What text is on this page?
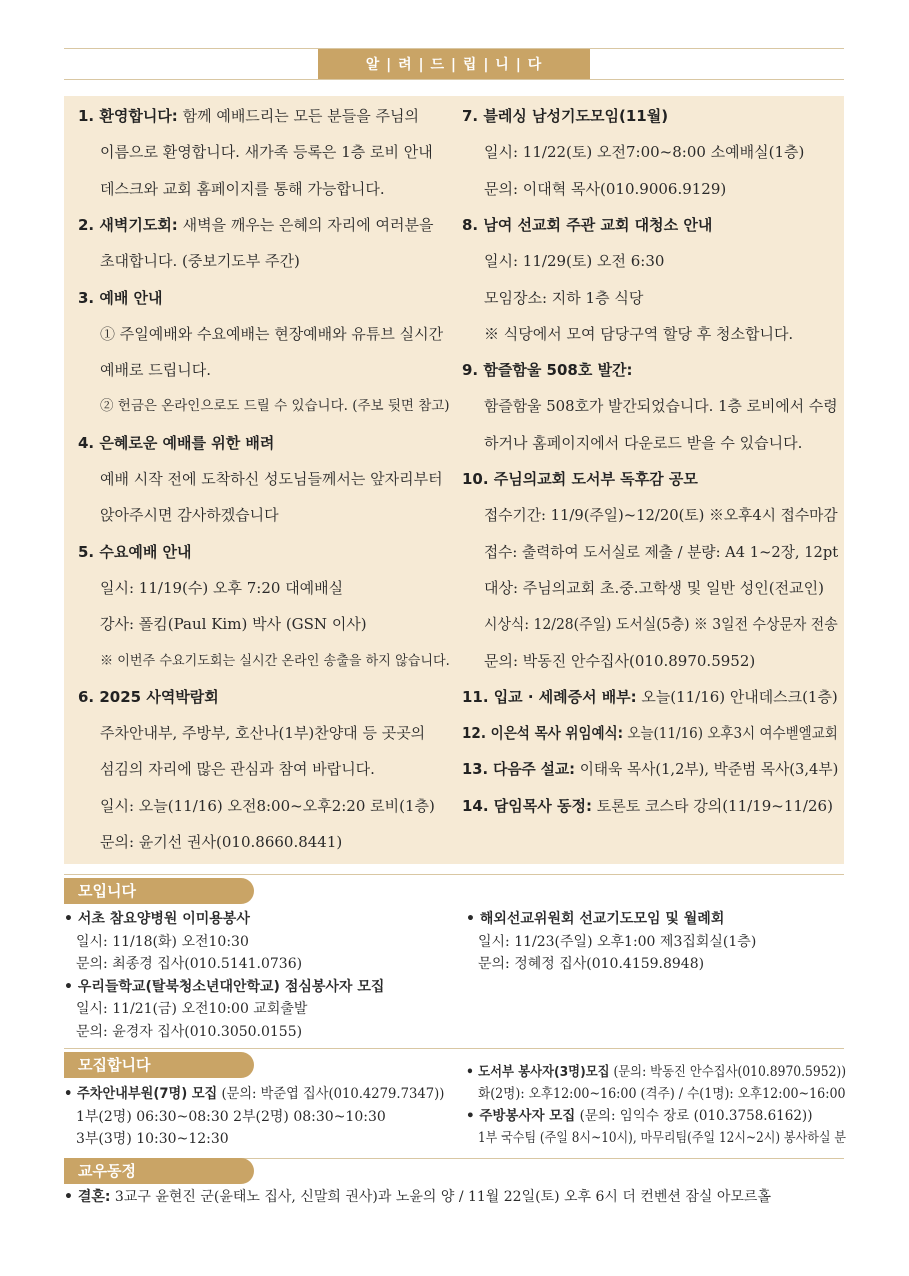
알 | 려 | 드 | 립 | 니 | 다
1. 환영합니다: 함께 예배드리는 모든 분들을 주님의
이름으로 환영합니다. 새가족 등록은 1층 로비 안내
데스크와 교회 홈페이지를 통해 가능합니다.
2. 새벽기도회: 새벽을 깨우는 은혜의 자리에 여러분을
초대합니다. (중보기도부 주간)
3. 예배 안내
① 주일예배와 수요예배는 현장예배와 유튜브 실시간
예배로 드립니다.
② 헌금은 온라인으로도 드릴 수 있습니다. (주보 뒷면 참고)
4. 은혜로운 예배를 위한 배려
예배 시작 전에 도착하신 성도님들께서는 앞자리부터
앉아주시면 감사하겠습니다
5. 수요예배 안내
일시: 11/19(수) 오후 7:20 대예배실
강사: 폴킴(Paul Kim) 박사 (GSN 이사)
※ 이번주 수요기도회는 실시간 온라인 송출을 하지 않습니다.
6. 2025 사역박람회
주차안내부, 주방부, 호산나(1부)찬양대 등 곳곳의
섬김의 자리에 많은 관심과 참여 바랍니다.
일시: 오늘(11/16) 오전8:00~오후2:20 로비(1층)
문의: 윤기선 권사(010.8660.8441)
7. 블레싱 남성기도모임(11월)
일시: 11/22(토) 오전7:00~8:00 소예배실(1층)
문의: 이대혁 목사(010.9006.9129)
8. 남여 선교회 주관 교회 대청소 안내
일시: 11/29(토) 오전 6:30
모임장소: 지하 1층 식당
※ 식당에서 모여 담당구역 할당 후 청소합니다.
9. 함즐함울 508호 발간:
함즐함울 508호가 발간되었습니다. 1층 로비에서 수령
하거나 홈페이지에서 다운로드 받을 수 있습니다.
10. 주님의교회 도서부 독후감 공모
접수기간: 11/9(주일)~12/20(토) ※오후4시 접수마감
접수: 출력하여 도서실로 제출 / 분량: A4 1~2장, 12pt
대상: 주님의교회 초.중.고학생 및 일반 성인(전교인)
시상식: 12/28(주일) 도서실(5층) ※ 3일전 수상문자 전송
문의: 박동진 안수집사(010.8970.5952)
11. 입교 · 세례증서 배부: 오늘(11/16) 안내데스크(1층)
12. 이은석 목사 위임예식: 오늘(11/16) 오후3시 여수벧엘교회
13. 다음주 설교: 이태욱 목사(1,2부), 박준범 목사(3,4부)
14. 담임목사 동정: 토론토 코스타 강의(11/19~11/26)
모입니다
• 서초 참요양병원 이미용봉사
일시: 11/18(화) 오전10:30
문의: 최종경 집사(010.5141.0736)
• 우리들학교(탈북청소년대안학교) 점심봉사자 모집
일시: 11/21(금) 오전10:00 교회출발
문의: 윤경자 집사(010.3050.0155)
• 해외선교위원회 선교기도모임 및 월례회
일시: 11/23(주일) 오후1:00 제3집회실(1층)
문의: 정혜정 집사(010.4159.8948)
모집합니다
• 주차안내부원(7명) 모집 (문의: 박준엽 집사(010.4279.7347))
1부(2명) 06:30~08:30 2부(2명) 08:30~10:30
3부(3명) 10:30~12:30
• 도서부 봉사자(3명)모집 (문의: 박동진 안수집사(010.8970.5952))
화(2명): 오후12:00~16:00 (격주) / 수(1명): 오후12:00~16:00
• 주방봉사자 모집 (문의: 임익수 장로 (010.3758.6162))
1부 국수팀 (주일 8시~10시), 마무리팀(주일 12시~2시) 봉사하실 분
교우동정
• 결혼: 3교구 윤현진 군(윤태노 집사, 신말희 권사)과 노윤의 양 / 11월 22일(토) 오후 6시 더 컨벤션 잠실 아모르홀
